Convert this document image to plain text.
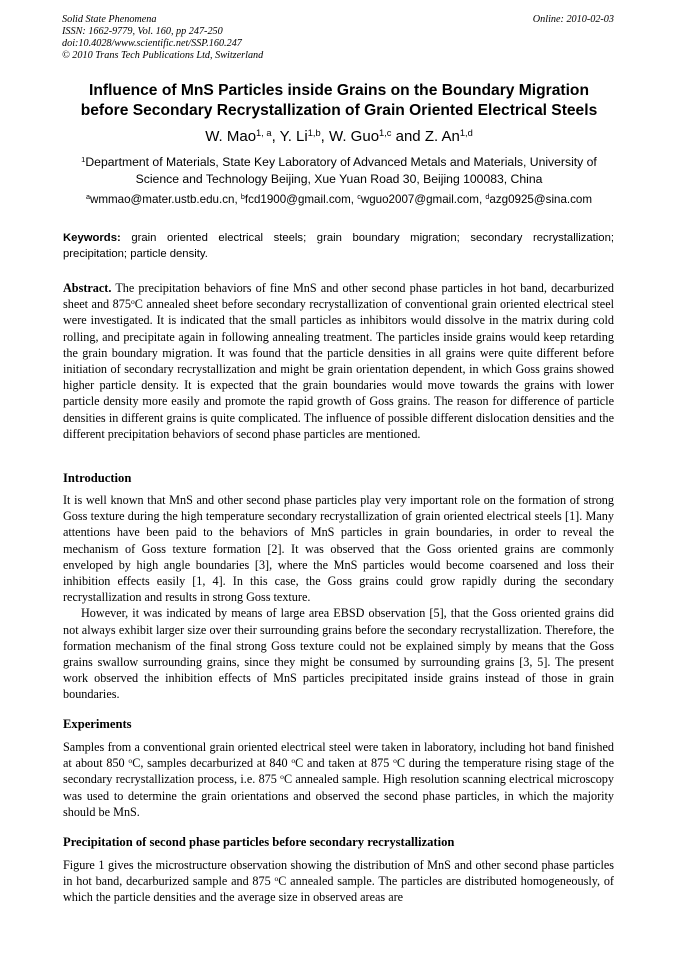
Solid State Phenomena
ISSN: 1662-9779, Vol. 160, pp 247-250
doi:10.4028/www.scientific.net/SSP.160.247
© 2010 Trans Tech Publications Ltd, Switzerland
Online: 2010-02-03
Influence of MnS Particles inside Grains on the Boundary Migration
before Secondary Recrystallization of Grain Oriented Electrical Steels
W. Mao$^{1, a}$, Y. Li$^{1,b}$, W. Guo$^{1,c}$ and Z. An$^{1,d}$
$^1$Department of Materials, State Key Laboratory of Advanced Metals and Materials, University of
Science and Technology Beijing, Xue Yuan Road 30, Beijing 100083, China
$^a$wmmao@mater.ustb.edu.cn, $^b$fcd1900@gmail.com, $^c$wguo2007@gmail.com, $^d$azg0925@sina.com
Keywords: grain oriented electrical steels; grain boundary migration; secondary recrystallization; precipitation; particle density.
Abstract. The precipitation behaviors of fine MnS and other second phase particles in hot band, decarburized sheet and 875$^o$C annealed sheet before secondary recrystallization of conventional grain oriented electrical steel were investigated. It is indicated that the small particles as inhibitors would dissolve in the matrix during cold rolling, and precipitate again in following annealing treatment. The particles inside grains would keep retarding the grain boundary migration. It was found that the particle densities in all grains were quite different before initiation of secondary recrystallization and might be grain orientation dependent, in which Goss grains showed higher particle density. It is expected that the grain boundaries would move towards the grains with lower particle density more easily and promote the rapid growth of Goss grains. The reason for difference of particle densities in different grains is quite complicated. The influence of possible different dislocation densities and the different precipitation behaviors of second phase particles are mentioned.
Introduction

It is well known that MnS and other second phase particles play very important role on the formation of strong Goss texture during the high temperature secondary recrystallization of grain oriented electrical steels [1]. Many attentions have been paid to the behaviors of MnS particles in grain boundaries, in order to reveal the mechanism of Goss texture formation [2]. It was observed that the Goss oriented grains are commonly enveloped by high angle boundaries [3], where the MnS particles would become coarsened and loss their inhibition effects easily [1, 4]. In this case, the Goss grains could grow rapidly during the secondary recrystallization and results in strong Goss texture.

However, it was indicated by means of large area EBSD observation [5], that the Goss oriented grains did not always exhibit larger size over their surrounding grains before the secondary recrystallization. Therefore, the formation mechanism of the final strong Goss texture could not be explained simply by means that the Goss grains swallow surrounding grains, since they might be consumed by surrounding grains [3, 5]. The present work observed the inhibition effects of MnS particles precipitated inside grains instead of those in grain boundaries.

Experiments
Samples from a conventional grain oriented electrical steel were taken in laboratory, including hot band finished at about 850 $^o$C, samples decarburized at 840 $^o$C and taken at 875 $^o$C during the temperature rising stage of the secondary recrystallization process, i.e. 875 $^o$C annealed sample. High resolution scanning electrical microscopy was used to determine the grain orientations and observed the second phase particles, in which the majority should be MnS.
Precipitation of second phase particles before secondary recrystallization
Figure 1 gives the microstructure observation showing the distribution of MnS and other second phase particles in hot band, decarburized sample and 875 $^o$C annealed sample. The particles are distributed homogeneously, of which the particle densities and the average size in observed areas are
